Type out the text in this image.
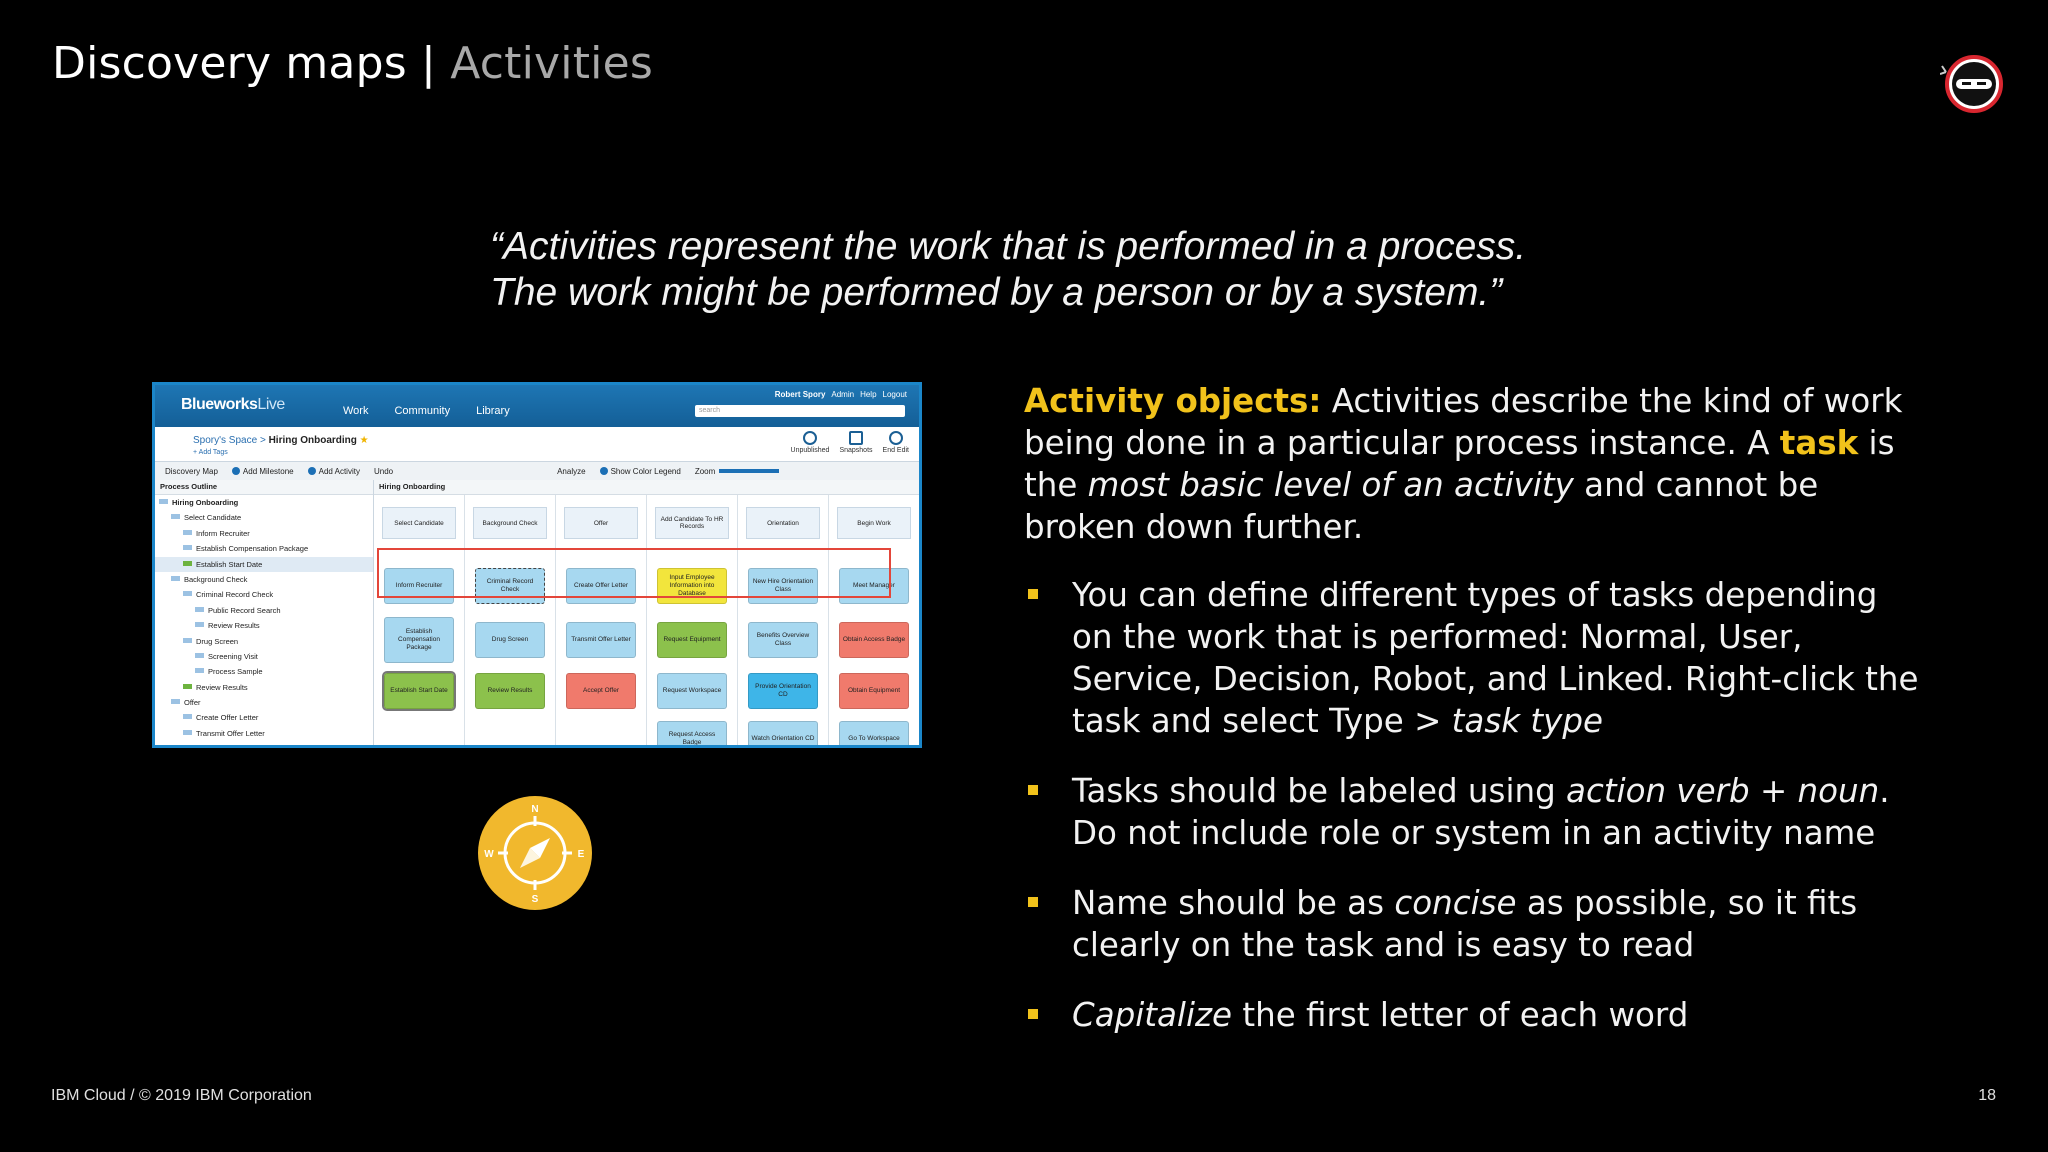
Discovery maps | Activities
“Activities represent the work that is performed in a process.
The work might be performed by a person or by a system.”
BlueworksLive	Work Community Library
Robert Spory Admin Help Logout
search
Spory's Space > Hiring Onboarding ★
+ Add Tags	Unpublished Snapshots End Edit
Discovery Map	Add Milestone	Add Activity Undo	Analyze	Show Color Legend Zoom
Process Outline
Hiring Onboarding
Select Candidate
Inform Recruiter
Establish Compensation Package
Establish Start Date
Background Check
Criminal Record Check
Public Record Search
Review Results
Drug Screen
Screening Visit
Process Sample
Review Results
Offer
Create Offer Letter
Transmit Offer Letter
Hiring Onboarding
Select Candidate
Inform Recruiter
Establish Compensation Package
Establish Start Date
Background Check
Criminal Record Check
Drug Screen
Review Results
Offer
Create Offer Letter
Transmit Offer Letter
Accept Offer
Add Candidate To HR Records
Input Employee Information into Database
Request Equipment
Request Workspace
Request Access Badge
Orientation
New Hire Orientation Class
Benefits Overview Class
Provide Orientation CD
Watch Orientation CD
Begin Work
Meet Manager
Obtain Access Badge
Obtain Equipment
Go To Workspace
N
S
E
W
Activity objects: Activities describe the kind of work being done in a particular process instance. A task is the most basic level of an activity and cannot be broken down further.
You can define different types of tasks depending on the work that is performed: Normal, User, Service, Decision, Robot, and Linked. Right-click the task and select Type > task type
Tasks should be labeled using action verb + noun. Do not include role or system in an activity name
Name should be as concise as possible, so it fits clearly on the task and is easy to read
Capitalize the first letter of each word
IBM Cloud / © 2019 IBM Corporation	18
